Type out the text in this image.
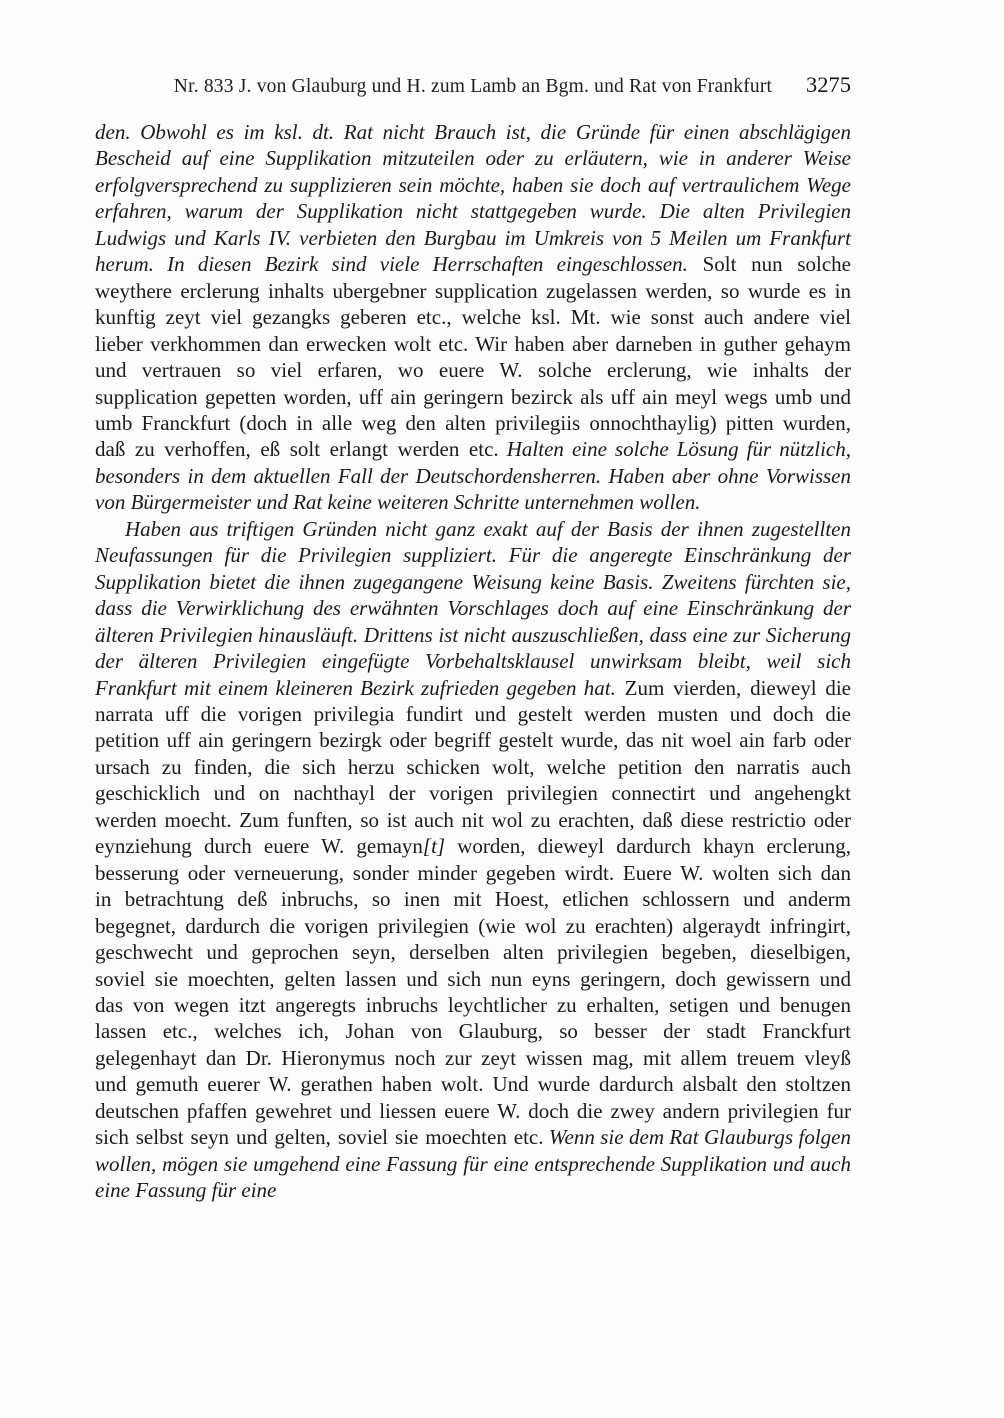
Nr. 833 J. von Glauburg und H. zum Lamb an Bgm. und Rat von Frankfurt	3275

den. Obwohl es im ksl. dt. Rat nicht Brauch ist, die Gründe für einen abschlägigen Bescheid auf eine Supplikation mitzuteilen oder zu erläutern, wie in anderer Weise erfolgversprechend zu supplizieren sein möchte, haben sie doch auf vertraulichem Wege erfahren, warum der Supplikation nicht stattgegeben wurde. Die alten Privilegien Ludwigs und Karls IV. verbieten den Burgbau im Umkreis von 5 Meilen um Frankfurt herum. In diesen Bezirk sind viele Herrschaften eingeschlossen. Solt nun solche weythere erclerung inhalts ubergebner supplication zugelassen werden, so wurde es in kunftig zeyt viel gezangks geberen etc., welche ksl. Mt. wie sonst auch andere viel lieber verkhommen dan erwecken wolt etc. Wir haben aber darneben in guther gehaym und vertrauen so viel erfaren, wo euere W. solche erclerung, wie inhalts der supplication gepetten worden, uff ain geringern bezirck als uff ain meyl wegs umb und umb Franckfurt (doch in alle weg den alten privilegiis onnochthaylig) pitten wurden, daß zu verhoffen, eß solt erlangt werden etc. Halten eine solche Lösung für nützlich, besonders in dem aktuellen Fall der Deutschordensherren. Haben aber ohne Vorwissen von Bürgermeister und Rat keine weiteren Schritte unternehmen wollen.

Haben aus triftigen Gründen nicht ganz exakt auf der Basis der ihnen zugestellten Neufassungen für die Privilegien suppliziert. Für die angeregte Einschränkung der Supplikation bietet die ihnen zugegangene Weisung keine Basis. Zweitens fürchten sie, dass die Verwirklichung des erwähnten Vorschlages doch auf eine Einschränkung der älteren Privilegien hinausläuft. Drittens ist nicht auszuschließen, dass eine zur Sicherung der älteren Privilegien eingefügte Vorbehaltsklausel unwirksam bleibt, weil sich Frankfurt mit einem kleineren Bezirk zufrieden gegeben hat. Zum vierden, dieweyl die narrata uff die vorigen privilegia fundirt und gestelt werden musten und doch die petition uff ain geringern bezirgk oder begriff gestelt wurde, das nit woel ain farb oder ursach zu finden, die sich herzu schicken wolt, welche petition den narratis auch geschicklich und on nachthayl der vorigen privilegien connectirt und angehengkt werden moecht. Zum funften, so ist auch nit wol zu erachten, daß diese restrictio oder eynziehung durch euere W. gemayn[t] worden, dieweyl dardurch khayn erclerung, besserung oder verneuerung, sonder minder gegeben wirdt. Euere W. wolten sich dan in betrachtung deß inbruchs, so inen mit Hoest, etlichen schlossern und anderm begegnet, dardurch die vorigen privilegien (wie wol zu erachten) algeraydt infringirt, geschwecht und geprochen seyn, derselben alten privilegien begeben, dieselbigen, soviel sie moechten, gelten lassen und sich nun eyns geringern, doch gewissern und das von wegen itzt angeregts inbruchs leychtlicher zu erhalten, setigen und benugen lassen etc., welches ich, Johan von Glauburg, so besser der stadt Franckfurt gelegenhayt dan Dr. Hieronymus noch zur zeyt wissen mag, mit allem treuem vleyß und gemuth euerer W. gerathen haben wolt. Und wurde dardurch alsbalt den stoltzen deutschen pfaffen gewehret und liessen euere W. doch die zwey andern privilegien fur sich selbst seyn und gelten, soviel sie moechten etc. Wenn sie dem Rat Glauburgs folgen wollen, mögen sie umgehend eine Fassung für eine entsprechende Supplikation und auch eine Fassung für eine
